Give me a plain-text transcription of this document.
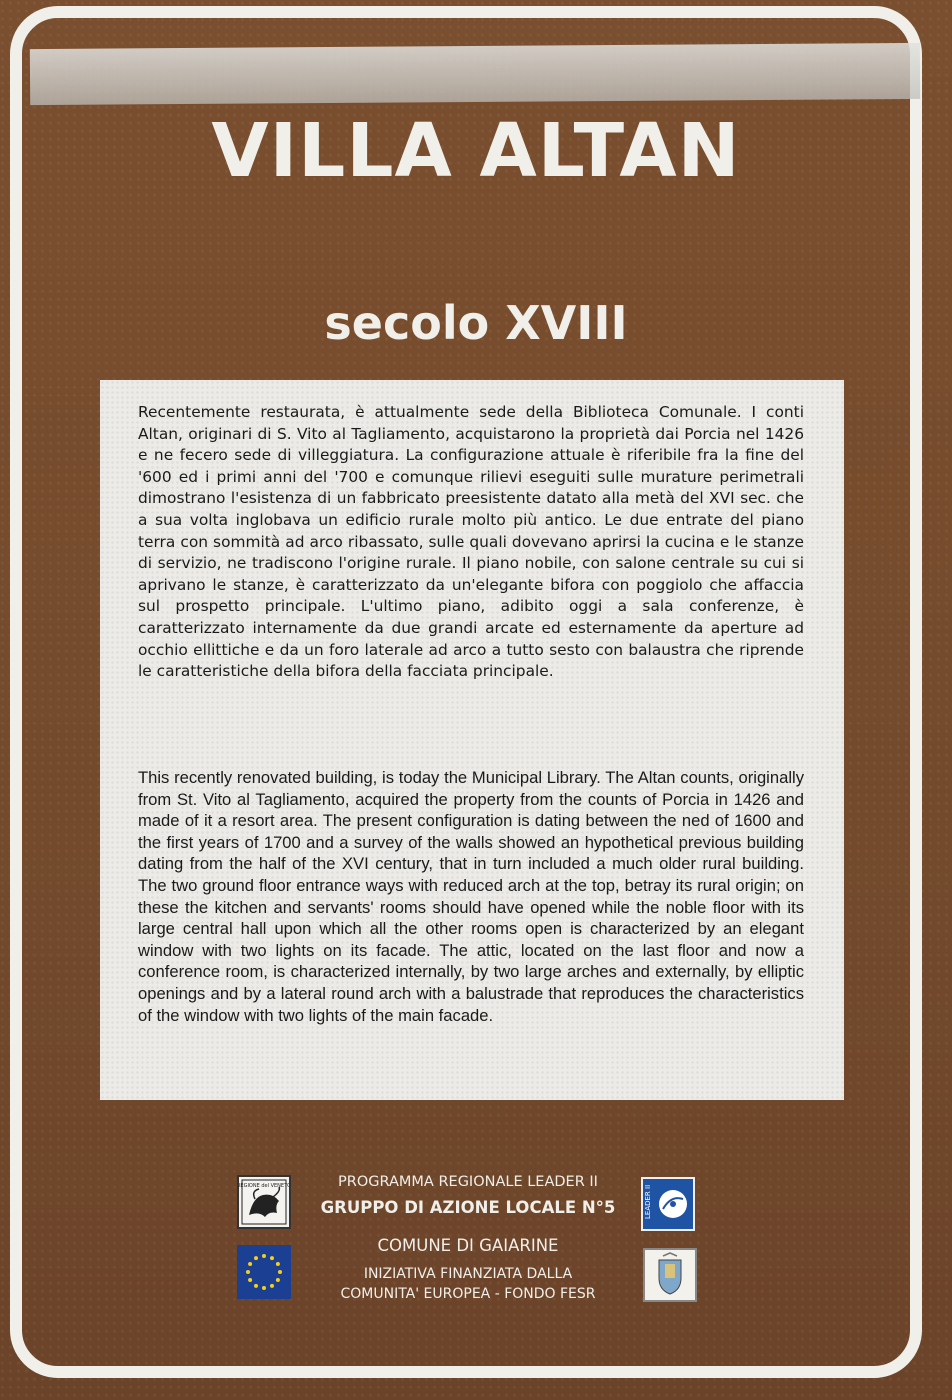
VILLA ALTAN
secolo XVIII
Recentemente restaurata, è attualmente sede della Biblioteca Comunale. I conti Altan, originari di S. Vito al Tagliamento, acquistarono la proprietà dai Porcia nel 1426 e ne fecero sede di villeggiatura. La configurazione attuale è riferibile fra la fine del '600 ed i primi anni del '700 e comunque rilievi eseguiti sulle murature perimetrali dimostrano l'esistenza di un fabbricato preesistente datato alla metà del XVI sec. che a sua volta inglobava un edificio rurale molto più antico. Le due entrate del piano terra con sommità ad arco ribassato, sulle quali dovevano aprirsi la cucina e le stanze di servizio, ne tradiscono l'origine rurale. Il piano nobile, con salone centrale su cui si aprivano le stanze, è caratterizzato da un'elegante bifora con poggiolo che affaccia sul prospetto principale. L'ultimo piano, adibito oggi a sala conferenze, è caratterizzato internamente da due grandi arcate ed esternamente da aperture ad occhio ellittiche e da un foro laterale ad arco a tutto sesto con balaustra che riprende le caratteristiche della bifora della facciata principale.
This recently renovated building, is today the Municipal Library. The Altan counts, originally from St. Vito al Tagliamento, acquired the property from the counts of Porcia in 1426 and made of it a resort area. The present configuration is dating between the ned of 1600 and the first years of 1700 and a survey of the walls showed an hypothetical previous building dating from the half of the XVI century, that in turn included a much older rural building. The two ground floor entrance ways with reduced arch at the top, betray its rural origin; on these the kitchen and servants' rooms should have opened while the noble floor with its large central hall upon which all the other rooms open is characterized by an elegant window with two lights on its facade. The attic, located on the last floor and now a conference room, is characterized internally, by two large arches and externally, by elliptic openings and by a lateral round arch with a balustrade that reproduces the characteristics of the window with two lights of the main facade.
REGIONE del VENETO	LEADER II
PROGRAMMA REGIONALE LEADER II
GRUPPO DI AZIONE LOCALE N°5
COMUNE DI GAIARINE
INIZIATIVA FINANZIATA DALLA
COMUNITA' EUROPEA - FONDO FESR
